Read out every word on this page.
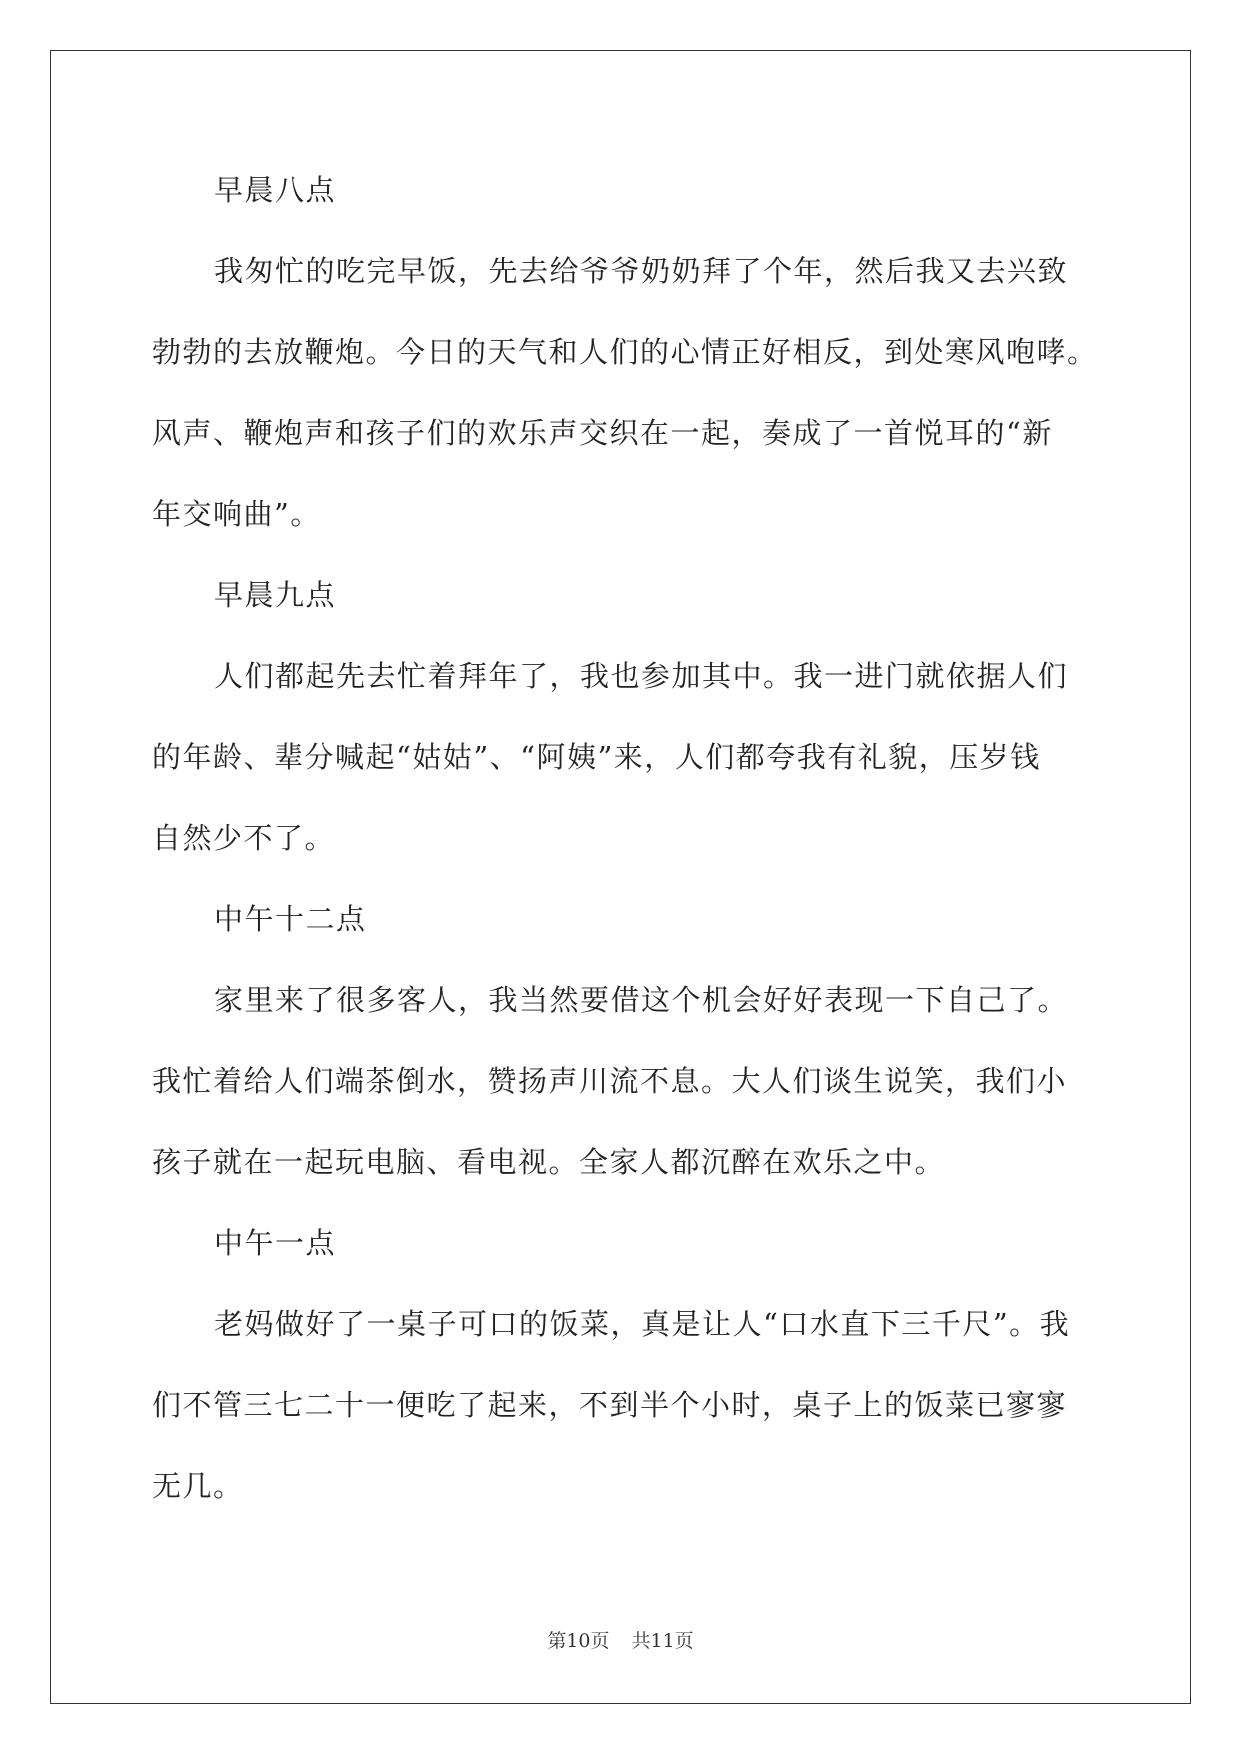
早晨八点
我匆忙的吃完早饭，先去给爷爷奶奶拜了个年，然后我又去兴致
勃勃的去放鞭炮。今日的天气和人们的心情正好相反，到处寒风咆哮。
风声、鞭炮声和孩子们的欢乐声交织在一起，奏成了一首悦耳的“新
年交响曲”。
早晨九点
人们都起先去忙着拜年了，我也参加其中。我一进门就依据人们
的年龄、辈分喊起“姑姑”、“阿姨”来，人们都夸我有礼貌，压岁钱
自然少不了。
中午十二点
家里来了很多客人，我当然要借这个机会好好表现一下自己了。
我忙着给人们端茶倒水，赞扬声川流不息。大人们谈生说笑，我们小
孩子就在一起玩电脑、看电视。全家人都沉醉在欢乐之中。
中午一点
老妈做好了一桌子可口的饭菜，真是让人“口水直下三千尺”。我
们不管三七二十一便吃了起来，不到半个小时，桌子上的饭菜已寥寥
无几。
第10页 共11页
